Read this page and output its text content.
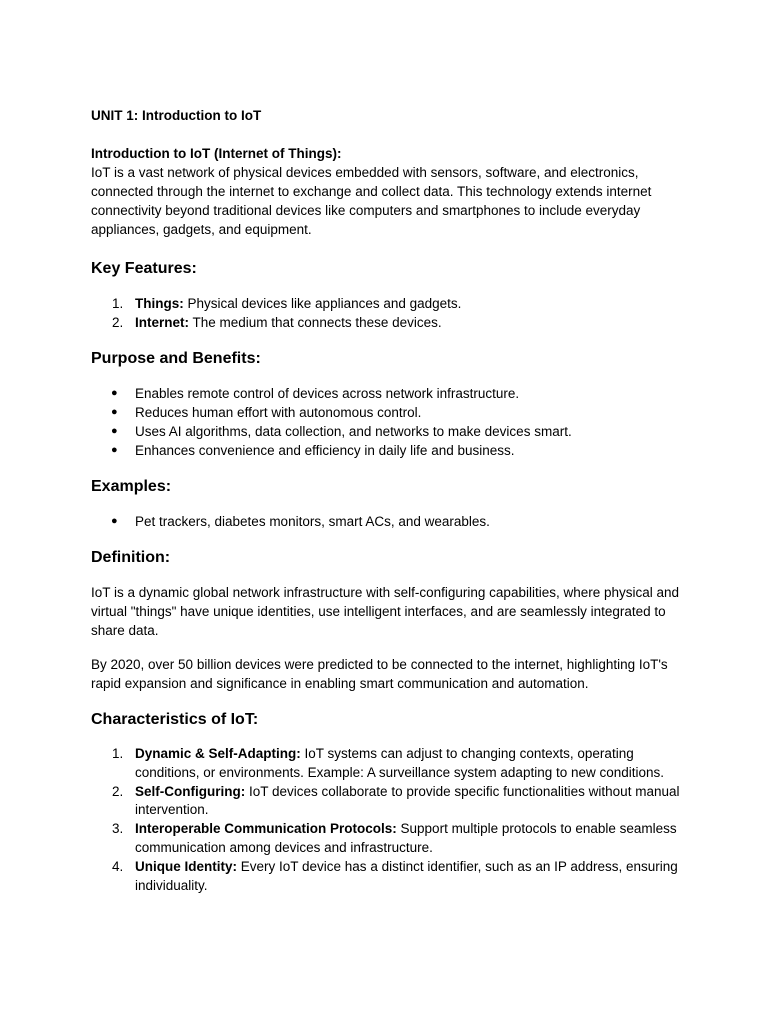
UNIT 1: Introduction to IoT
Introduction to IoT (Internet of Things):

IoT is a vast network of physical devices embedded with sensors, software, and electronics, connected through the internet to exchange and collect data. This technology extends internet connectivity beyond traditional devices like computers and smartphones to include everyday appliances, gadgets, and equipment.

Key Features:
1. Things: Physical devices like appliances and gadgets.
2. Internet: The medium that connects these devices.
Purpose and Benefits:
● Enables remote control of devices across network infrastructure.
● Reduces human effort with autonomous control.
● Uses AI algorithms, data collection, and networks to make devices smart.
● Enhances convenience and efficiency in daily life and business.
Examples:
● Pet trackers, diabetes monitors, smart ACs, and wearables.
Definition:

IoT is a dynamic global network infrastructure with self-configuring capabilities, where physical and virtual "things" have unique identities, use intelligent interfaces, and are seamlessly integrated to share data.

By 2020, over 50 billion devices were predicted to be connected to the internet, highlighting IoT's rapid expansion and significance in enabling smart communication and automation.

Characteristics of IoT:
1. Dynamic & Self-Adapting: IoT systems can adjust to changing contexts, operating conditions, or environments. Example: A surveillance system adapting to new conditions.
2. Self-Configuring: IoT devices collaborate to provide specific functionalities without manual intervention.
3. Interoperable Communication Protocols: Support multiple protocols to enable seamless communication among devices and infrastructure.
4. Unique Identity: Every IoT device has a distinct identifier, such as an IP address, ensuring individuality.
